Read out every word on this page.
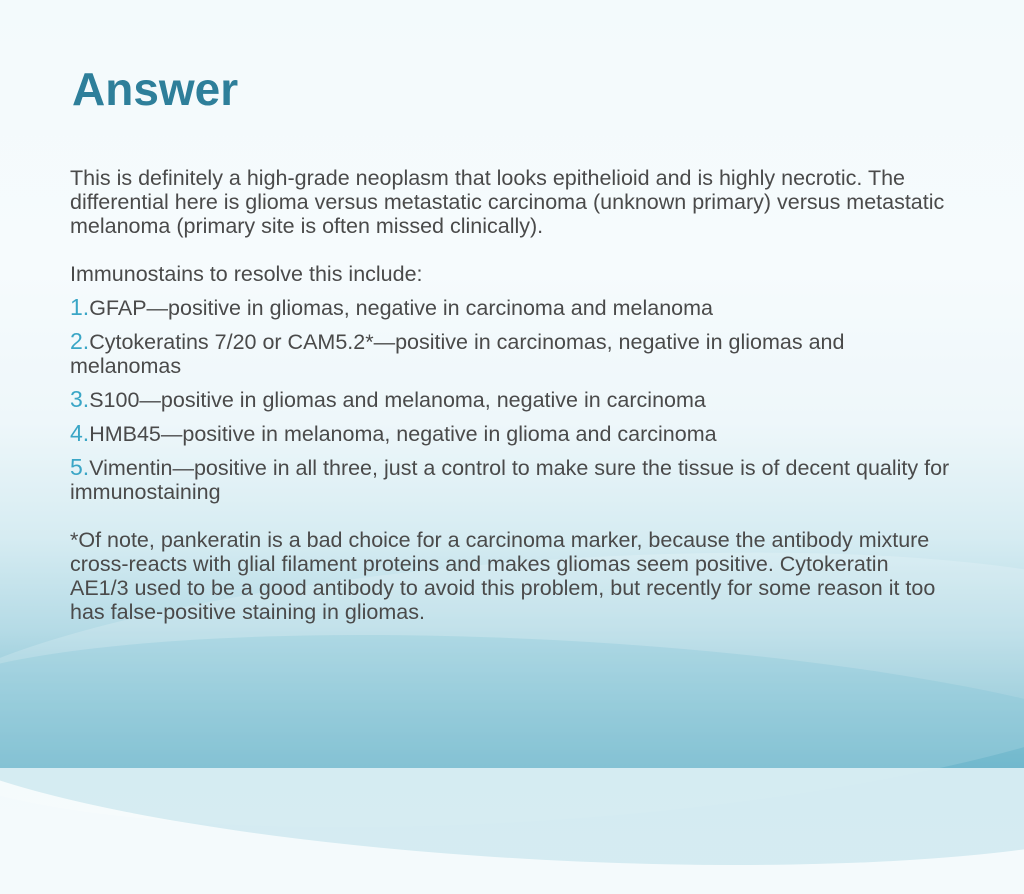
Answer

This is definitely a high-grade neoplasm that looks epithelioid and is highly necrotic. The differential here is glioma versus metastatic carcinoma (unknown primary) versus metastatic melanoma (primary site is often missed clinically).

Immunostains to resolve this include:

1.GFAP—positive in gliomas, negative in carcinoma and melanoma
2.Cytokeratins 7/20 or CAM5.2*—positive in carcinomas, negative in gliomas and melanomas
3.S100—positive in gliomas and melanoma, negative in carcinoma
4.HMB45—positive in melanoma, negative in glioma and carcinoma
5.Vimentin—positive in all three, just a control to make sure the tissue is of decent quality for immunostaining

*Of note, pankeratin is a bad choice for a carcinoma marker, because the antibody mixture cross-reacts with glial filament proteins and makes gliomas seem positive. Cytokeratin AE1/3 used to be a good antibody to avoid this problem, but recently for some reason it too has false-positive staining in gliomas.
